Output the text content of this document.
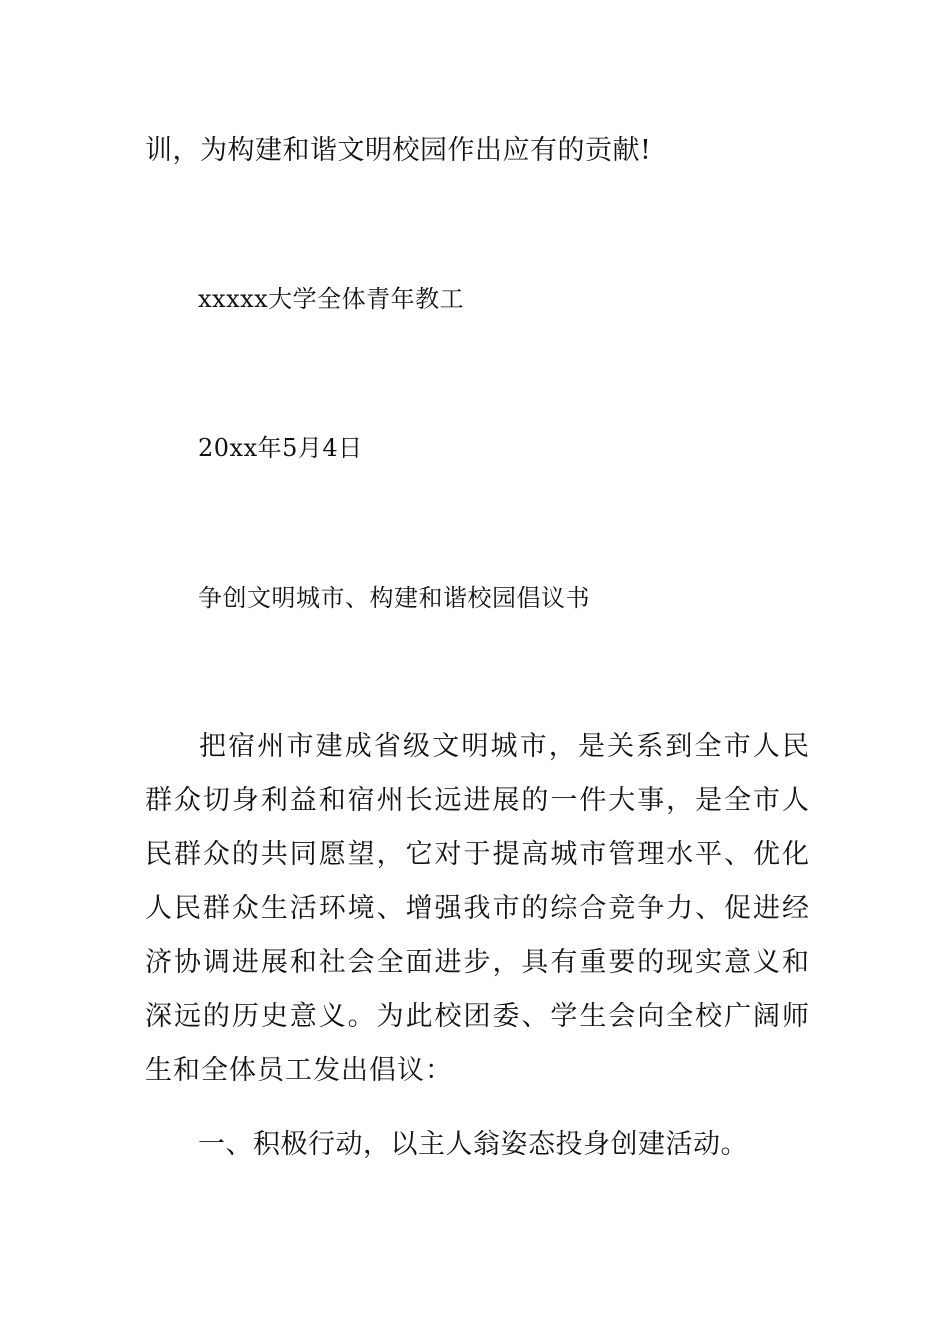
训，为构建和谐文明校园作出应有的贡献!
xxxxx大学全体青年教工
20xx年5月4日
争创文明城市、构建和谐校园倡议书
把宿州市建成省级文明城市，是关系到全市人民群众切身利益和宿州长远进展的一件大事，是全市人民群众的共同愿望，它对于提高城市管理水平、优化人民群众生活环境、增强我市的综合竞争力、促进经济协调进展和社会全面进步，具有重要的现实意义和深远的历史意义。为此校团委、学生会向全校广阔师生和全体员工发出倡议：
一、积极行动，以主人翁姿态投身创建活动。
